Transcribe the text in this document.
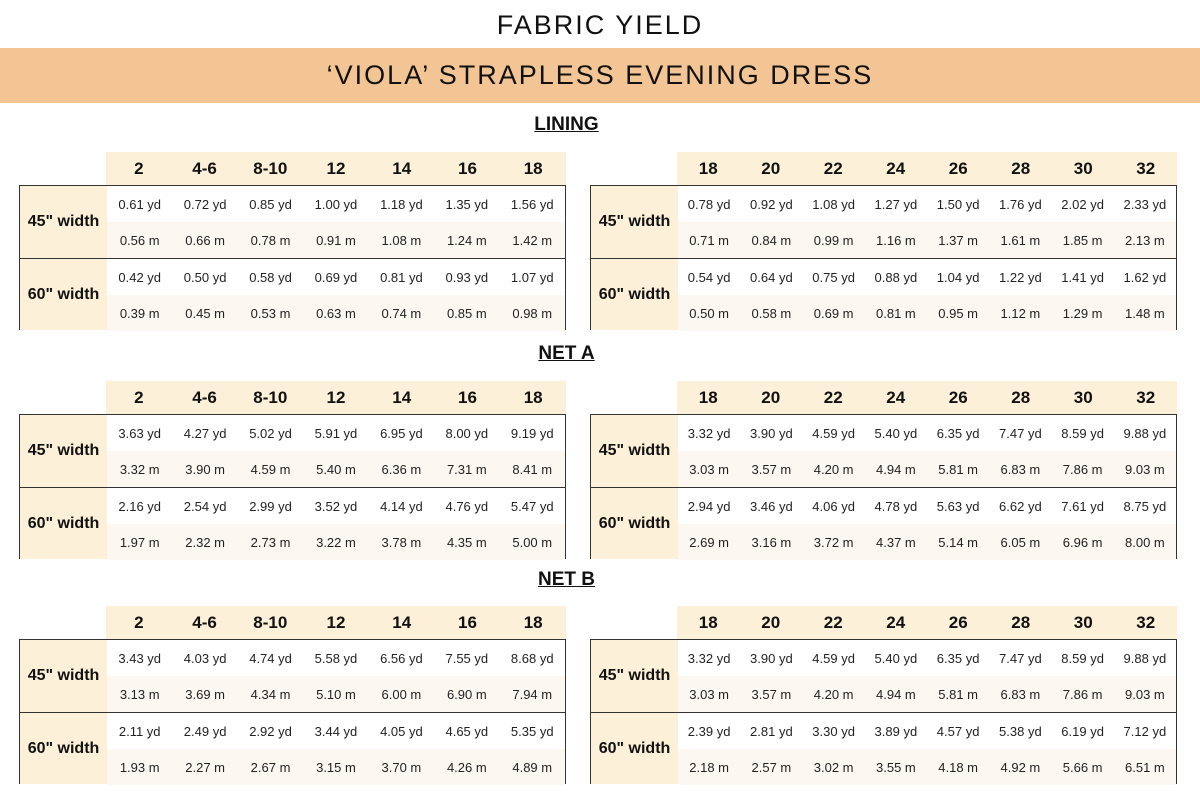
FABRIC YIELD
‘VIOLA’ STRAPLESS EVENING DRESS
LINING
2	4-6	8-10	12	14	16	18
45" width
0.61 yd	0.72 yd	0.85 yd	1.00 yd	1.18 yd	1.35 yd	1.56 yd
0.56 m	0.66 m	0.78 m	0.91 m	1.08 m	1.24 m	1.42 m
60" width
0.42 yd	0.50 yd	0.58 yd	0.69 yd	0.81 yd	0.93 yd	1.07 yd
0.39 m	0.45 m	0.53 m	0.63 m	0.74 m	0.85 m	0.98 m
18	20	22	24	26	28	30	32
45" width
0.78 yd	0.92 yd	1.08 yd	1.27 yd	1.50 yd	1.76 yd	2.02 yd	2.33 yd
0.71 m	0.84 m	0.99 m	1.16 m	1.37 m	1.61 m	1.85 m	2.13 m
60" width
0.54 yd	0.64 yd	0.75 yd	0.88 yd	1.04 yd	1.22 yd	1.41 yd	1.62 yd
0.50 m	0.58 m	0.69 m	0.81 m	0.95 m	1.12 m	1.29 m	1.48 m
NET A
2	4-6	8-10	12	14	16	18
45" width
3.63 yd	4.27 yd	5.02 yd	5.91 yd	6.95 yd	8.00 yd	9.19 yd
3.32 m	3.90 m	4.59 m	5.40 m	6.36 m	7.31 m	8.41 m
60" width
2.16 yd	2.54 yd	2.99 yd	3.52 yd	4.14 yd	4.76 yd	5.47 yd
1.97 m	2.32 m	2.73 m	3.22 m	3.78 m	4.35 m	5.00 m
18	20	22	24	26	28	30	32
45" width
3.32 yd	3.90 yd	4.59 yd	5.40 yd	6.35 yd	7.47 yd	8.59 yd	9.88 yd
3.03 m	3.57 m	4.20 m	4.94 m	5.81 m	6.83 m	7.86 m	9.03 m
60" width
2.94 yd	3.46 yd	4.06 yd	4.78 yd	5.63 yd	6.62 yd	7.61 yd	8.75 yd
2.69 m	3.16 m	3.72 m	4.37 m	5.14 m	6.05 m	6.96 m	8.00 m
NET B
2	4-6	8-10	12	14	16	18
45" width
3.43 yd	4.03 yd	4.74 yd	5.58 yd	6.56 yd	7.55 yd	8.68 yd
3.13 m	3.69 m	4.34 m	5.10 m	6.00 m	6.90 m	7.94 m
60" width
2.11 yd	2.49 yd	2.92 yd	3.44 yd	4.05 yd	4.65 yd	5.35 yd
1.93 m	2.27 m	2.67 m	3.15 m	3.70 m	4.26 m	4.89 m
18	20	22	24	26	28	30	32
45" width
3.32 yd	3.90 yd	4.59 yd	5.40 yd	6.35 yd	7.47 yd	8.59 yd	9.88 yd
3.03 m	3.57 m	4.20 m	4.94 m	5.81 m	6.83 m	7.86 m	9.03 m
60" width
2.39 yd	2.81 yd	3.30 yd	3.89 yd	4.57 yd	5.38 yd	6.19 yd	7.12 yd
2.18 m	2.57 m	3.02 m	3.55 m	4.18 m	4.92 m	5.66 m	6.51 m
